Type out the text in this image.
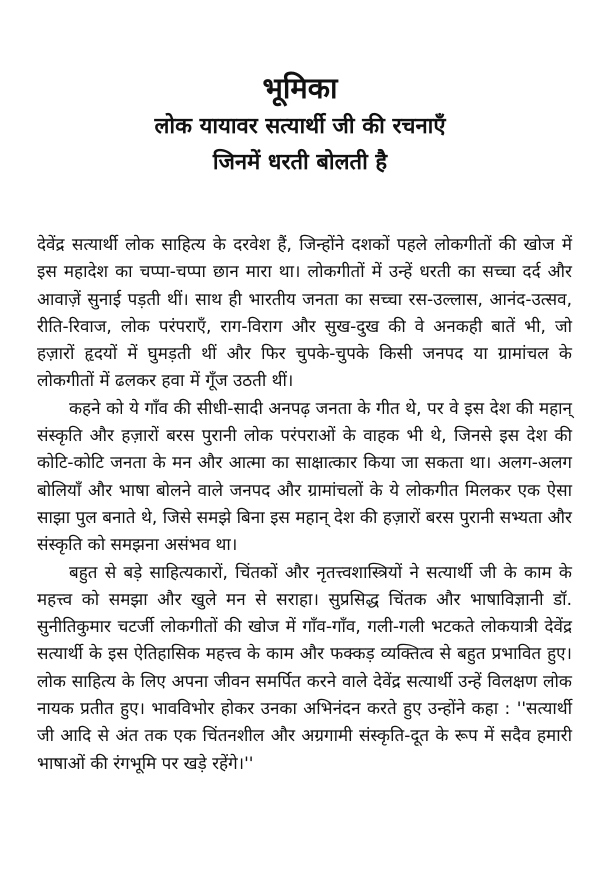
भूमिका
लोक यायावर सत्यार्थी जी की रचनाएँ
जिनमें धरती बोलती है

देवेंद्र सत्यार्थी लोक साहित्य के दरवेश हैं, जिन्होंने दशकों पहले लोकगीतों की खोज में इस महादेश का चप्पा-चप्पा छान मारा था। लोकगीतों में उन्हें धरती का सच्चा दर्द और आवाज़ें सुनाई पड़ती थीं। साथ ही भारतीय जनता का सच्चा रस-उल्लास, आनंद-उत्सव, रीति-रिवाज, लोक परंपराएँ, राग-विराग और सुख-दुख की वे अनकही बातें भी, जो हज़ारों हृदयों में घुमड़ती थीं और फिर चुपके-चुपके किसी जनपद या ग्रामांचल के लोकगीतों में ढलकर हवा में गूँज उठती थीं।

कहने को ये गाँव की सीधी-सादी अनपढ़ जनता के गीत थे, पर वे इस देश की महान् संस्कृति और हज़ारों बरस पुरानी लोक परंपराओं के वाहक भी थे, जिनसे इस देश की कोटि-कोटि जनता के मन और आत्मा का साक्षात्कार किया जा सकता था। अलग-अलग बोलियाँ और भाषा बोलने वाले जनपद और ग्रामांचलों के ये लोकगीत मिलकर एक ऐसा साझा पुल बनाते थे, जिसे समझे बिना इस महान् देश की हज़ारों बरस पुरानी सभ्यता और संस्कृति को समझना असंभव था।

बहुत से बड़े साहित्यकारों, चिंतकों और नृतत्त्वशास्त्रियों ने सत्यार्थी जी के काम के महत्त्व को समझा और खुले मन से सराहा। सुप्रसिद्ध चिंतक और भाषाविज्ञानी डॉ. सुनीतिकुमार चटर्जी लोकगीतों की खोज में गाँव-गाँव, गली-गली भटकते लोकयात्री देवेंद्र सत्यार्थी के इस ऐतिहासिक महत्त्व के काम और फक्कड़ व्यक्तित्व से बहुत प्रभावित हुए। लोक साहित्य के लिए अपना जीवन समर्पित करने वाले देवेंद्र सत्यार्थी उन्हें विलक्षण लोक नायक प्रतीत हुए। भावविभोर होकर उनका अभिनंदन करते हुए उन्होंने कहा : ''सत्यार्थी जी आदि से अंत तक एक चिंतनशील और अग्रगामी संस्कृति-दूत के रूप में सदैव हमारी भाषाओं की रंगभूमि पर खड़े रहेंगे।''
